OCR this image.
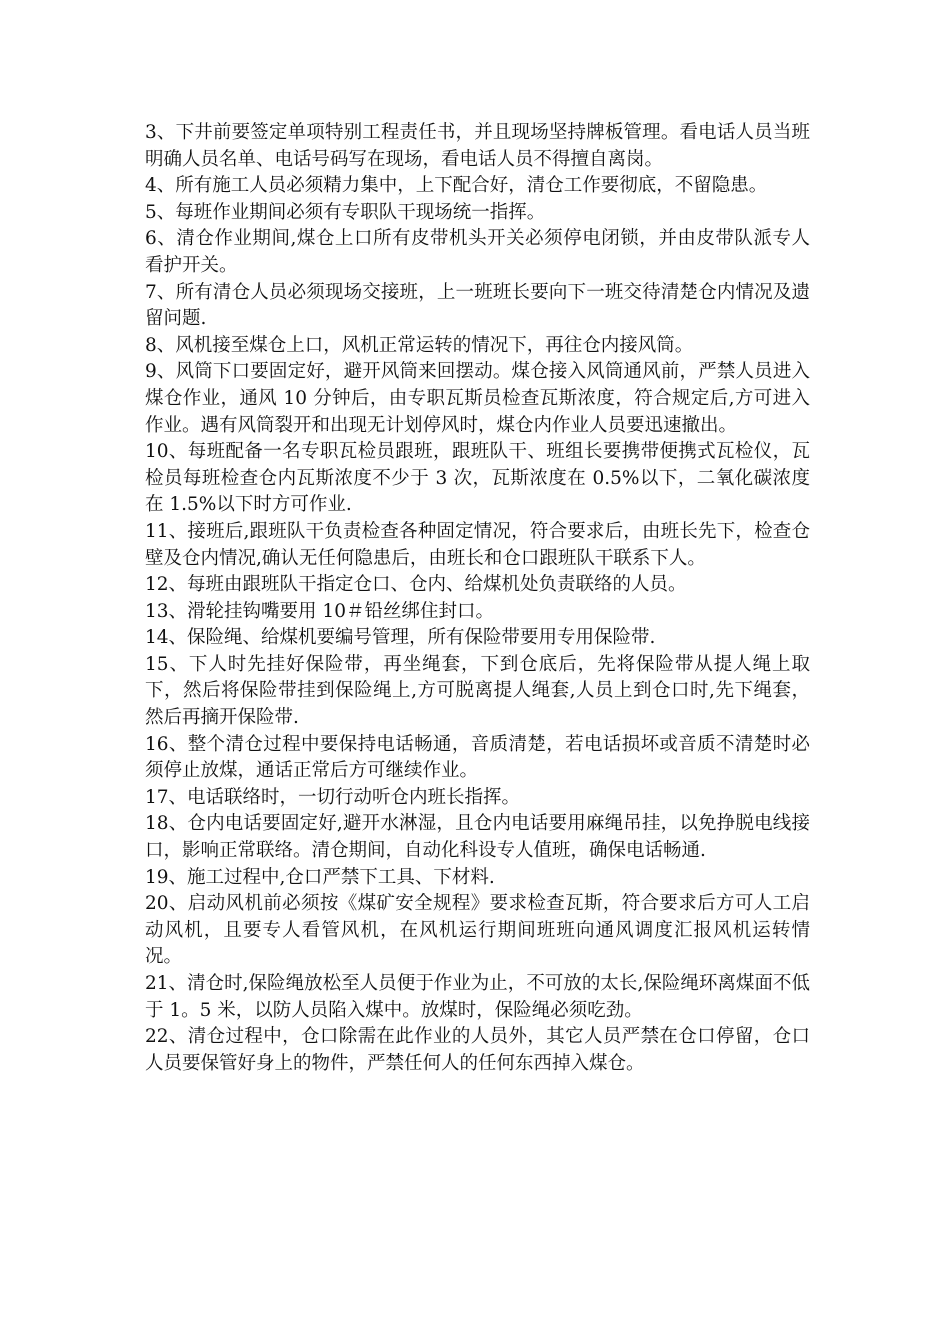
3、下井前要签定单项特别工程责任书，并且现场坚持牌板管理。看电话人员当班明确人员名单、电话号码写在现场，看电话人员不得擅自离岗。

4、所有施工人员必须精力集中，上下配合好，清仓工作要彻底，不留隐患。

5、每班作业期间必须有专职队干现场统一指挥。

6、清仓作业期间,煤仓上口所有皮带机头开关必须停电闭锁，并由皮带队派专人看护开关。

7、所有清仓人员必须现场交接班，上一班班长要向下一班交待清楚仓内情况及遗留问题.

8、风机接至煤仓上口，风机正常运转的情况下，再往仓内接风筒。

9、风筒下口要固定好，避开风筒来回摆动。煤仓接入风筒通风前，严禁人员进入煤仓作业，通风 10 分钟后，由专职瓦斯员检查瓦斯浓度，符合规定后,方可进入作业。遇有风筒裂开和出现无计划停风时，煤仓内作业人员要迅速撤出。

10、每班配备一名专职瓦检员跟班，跟班队干、班组长要携带便携式瓦检仪，瓦检员每班检查仓内瓦斯浓度不少于 3 次，瓦斯浓度在 0.5%以下，二氧化碳浓度在 1.5%以下时方可作业.

11、接班后,跟班队干负责检查各种固定情况，符合要求后，由班长先下，检查仓壁及仓内情况,确认无任何隐患后，由班长和仓口跟班队干联系下人。

12、每班由跟班队干指定仓口、仓内、给煤机处负责联络的人员。

13、滑轮挂钩嘴要用 10＃铅丝绑住封口。

14、保险绳、给煤机要编号管理，所有保险带要用专用保险带.

15、下人时先挂好保险带，再坐绳套，下到仓底后，先将保险带从提人绳上取下，然后将保险带挂到保险绳上,方可脱离提人绳套,人员上到仓口时,先下绳套，然后再摘开保险带.

16、整个清仓过程中要保持电话畅通，音质清楚，若电话损坏或音质不清楚时必须停止放煤，通话正常后方可继续作业。

17、电话联络时，一切行动听仓内班长指挥。

18、仓内电话要固定好,避开水淋湿，且仓内电话要用麻绳吊挂，以免挣脱电线接口，影响正常联络。清仓期间，自动化科设专人值班，确保电话畅通.

19、施工过程中,仓口严禁下工具、下材料.

20、启动风机前必须按《煤矿安全规程》要求检查瓦斯，符合要求后方可人工启动风机，且要专人看管风机，在风机运行期间班班向通风调度汇报风机运转情况。

21、清仓时,保险绳放松至人员便于作业为止，不可放的太长,保险绳环离煤面不低于 1。5 米，以防人员陷入煤中。放煤时，保险绳必须吃劲。

22、清仓过程中，仓口除需在此作业的人员外，其它人员严禁在仓口停留，仓口人员要保管好身上的物件，严禁任何人的任何东西掉入煤仓。
